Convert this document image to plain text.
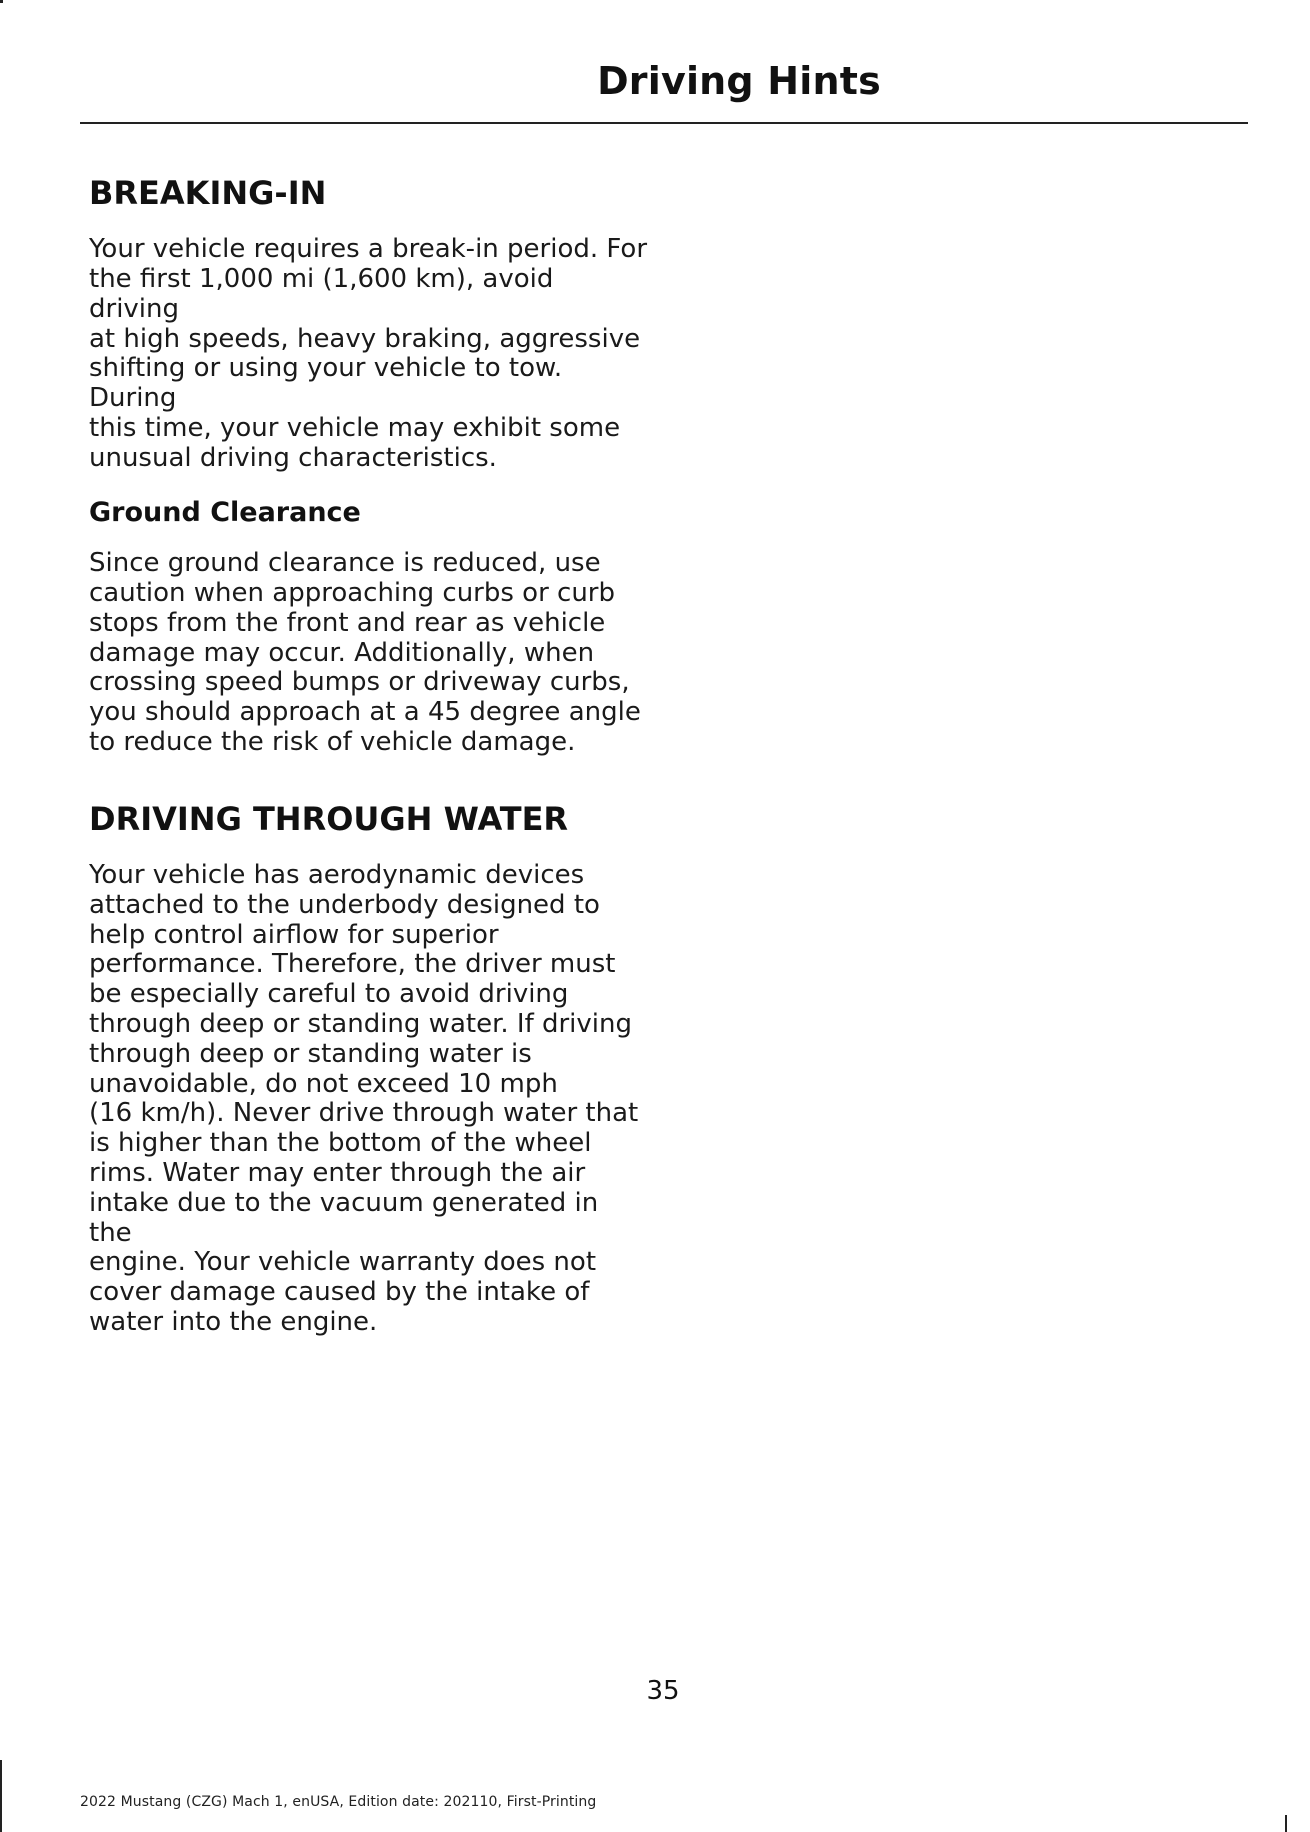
Driving Hints
BREAKING-IN

Your vehicle requires a break-in period. For
the first 1,000 mi (1,600 km), avoid driving
at high speeds, heavy braking, aggressive
shifting or using your vehicle to tow. During
this time, your vehicle may exhibit some
unusual driving characteristics.

Ground Clearance

Since ground clearance is reduced, use
caution when approaching curbs or curb
stops from the front and rear as vehicle
damage may occur. Additionally, when
crossing speed bumps or driveway curbs,
you should approach at a 45 degree angle
to reduce the risk of vehicle damage.

DRIVING THROUGH WATER

Your vehicle has aerodynamic devices
attached to the underbody designed to
help control airflow for superior
performance. Therefore, the driver must
be especially careful to avoid driving
through deep or standing water. If driving
through deep or standing water is
unavoidable, do not exceed 10 mph
(16 km/h). Never drive through water that
is higher than the bottom of the wheel
rims. Water may enter through the air
intake due to the vacuum generated in the
engine. Your vehicle warranty does not
cover damage caused by the intake of
water into the engine.

35
2022 Mustang (CZG) Mach 1, enUSA, Edition date: 202110, First-Printing
